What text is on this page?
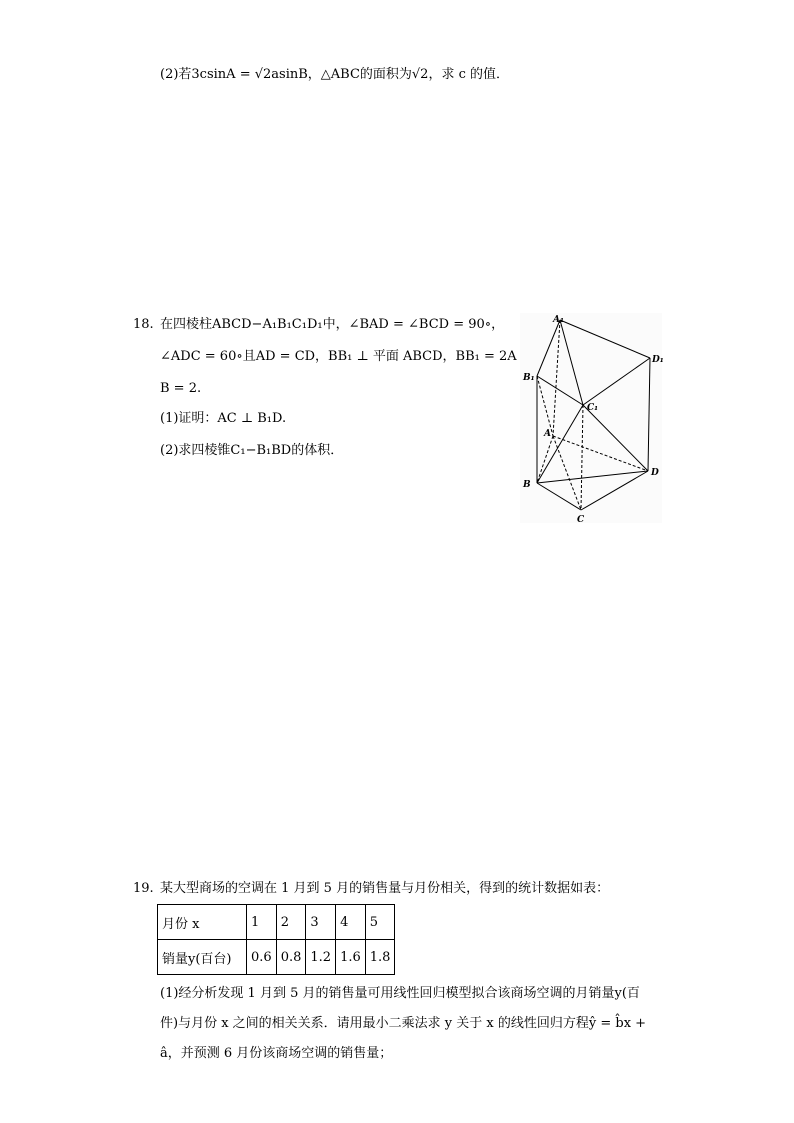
(2)若3csinA = √2asinB，△ABC的面积为√2，求 c 的值．
18. 在四棱柱ABCD−A₁B₁C₁D₁中，∠BAD = ∠BCD = 90∘，
∠ADC = 60∘且AD = CD，BB₁ ⊥ 平面 ABCD，BB₁ = 2A
B = 2.
(1)证明：AC ⊥ B₁D.
(2)求四棱锥C₁−B₁BD的体积．
A₁
D₁
B₁
C₁
A
B
D
C
19. 某大型商场的空调在 1 月到 5 月的销售量与月份相关，得到的统计数据如表：
月份 x	1	2	3	4	5
销量y(百台)	0.6	0.8	1.2	1.6	1.8
(1)经分析发现 1 月到 5 月的销售量可用线性回归模型拟合该商场空调的月销量y(百
件)与月份 x 之间的相关关系．请用最小二乘法求 y 关于 x 的线性回归方程ŷ = b̂x +
â，并预测 6 月份该商场空调的销售量；
